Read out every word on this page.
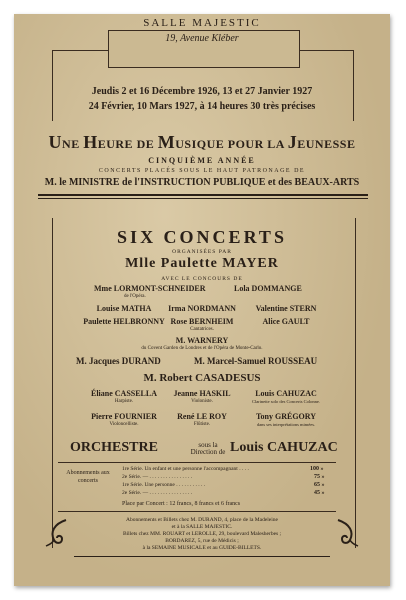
SALLE MAJESTIC
19, Avenue Kléber
Jeudis 2 et 16 Décembre 1926, 13 et 27 Janvier 1927
24 Février, 10 Mars 1927, à 14 heures 30 très précises
UNE HEURE DE MUSIQUE POUR LA JEUNESSE
CINQUIÈME ANNÉE
CONCERTS PLACÉS SOUS LE HAUT PATRONAGE DE
M. le MINISTRE de l'INSTRUCTION PUBLIQUE et des BEAUX-ARTS
SIX CONCERTS
ORGANISÉES PAR
Mlle Paulette MAYER
AVEC LE CONCOURS DE
Mme LORMONT-SCHNEIDER
de l'Opéra.
Lola DOMMANGE
Louise MATHA	Irma NORDMANN	Valentine STERN
Paulette HELBRONNY Rose BERNHEIM
Cantatrices.
Alice GAULT
M. WARNERY
du Covent Garden de Londres et de l'Opéra de Monte-Carlo.
M. Jacques DURAND	M. Marcel-Samuel ROUSSEAU
M. Robert CASADESUS
Éliane CASSELLA
Harpiste.
Jeanne HASKIL
Violoniste.
Louis CAHUZAC
Clarinette solo des Concerts Colonne.
Pierre FOURNIER
Violoncelliste.
René LE ROY
Flûtiste.
Tony GRÉGORY
dans ses interprétations mimées.
ORCHESTRE	sous la
Direction de Louis CAHUZAC
Abonnements aux concerts
1re Série. Un enfant et une personne l'accompagnant . . . .	100 »
2e Série. — . . . . . . . . . . . . . . . .	75 »
1re Série. Une personne . . . . . . . . . . .	65 »
2e Série. — . . . . . . . . . . . . . . . .	45 »
Place par Concert : 12 francs, 8 francs et 6 francs
Abonnements et Billets chez M. DURAND, 4, place de la Madeleine
et à la SALLE MAJESTIC.
Billets chez MM. ROUART et LEROLLE, 29, boulevard Malesherbes ;
BORDAREZ, 5, rue de Médicis ;
à la SEMAINE MUSICALE et au GUIDE-BILLETS.
